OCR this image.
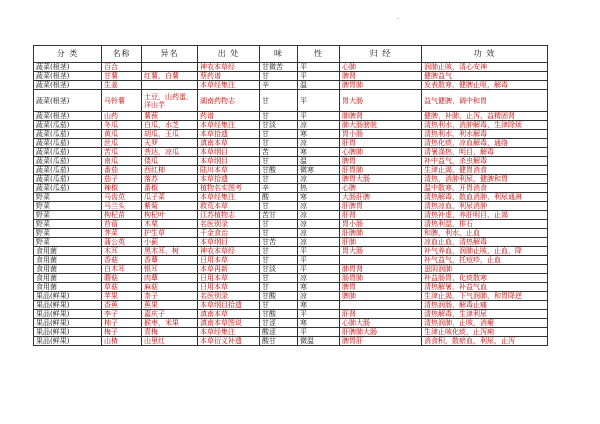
·
分 类	名称	异名	出 处	味	性	归 经	功 效
蔬菜(根茎)	百合		神农本草经	甘微苦	平	心肺	润肺止咳，清心安神
蔬菜(根茎)	甘薯	红薯，白薯	蔡药谱	甘	平	脾肾	健脾益气
蔬菜(根茎)	生姜		本草经集注	辛	温	脾胃肺	发表散寒，健脾止呕，解毒
蔬菜(根茎)	马铃薯	土豆，山药蛋，洋山芋	湖南药物志	甘	平	胃大肠	益气健脾，调中和胃
蔬菜(根茎)	山药	薯蓣	药谱	甘	平	肺脾肾	健脾，补肺，止泻，益精固肾
蔬菜(瓜茄)	冬瓜	白瓜，水芝	本草经集注	甘淡	凉	肺大肠膀胱	清热利水，消肿解毒，生津除烦
蔬菜(瓜茄)	黄瓜	胡瓜，王瓜	本草拾遗	甘	寒	胃小肠	清热利水，利水解毒
蔬菜(瓜茄)	丝瓜	天罗	滇南本草	甘	凉	肝胃	清热化痰，凉血解毒，通络
蔬菜(瓜茄)	苦瓜	菩达，凉瓜	本草纲目	苦	寒	心脾肺	清暑涤热，明目，解毒
蔬菜(瓜茄)	南瓜	倭瓜	本草纲目	甘	温	脾胃	补中益气，杀虫解毒
蔬菜(瓜茄)	番茄	西红柿	陆川本草	甘酸	微寒	肝胃肺	生津止渴，健胃消食
蔬菜(瓜茄)	茄子	落苏	本草拾遗	甘	凉	脾胃大肠	清热，消肿利尿，健脾和胃
蔬菜(瓜茄)	辣椒	番椒	植物名实图考	辛	热	心脾	温中散寒，开胃消食
野菜	马齿苋	瓜子菜	本草经集注	酸	寒	大肠肝脾	清热解毒，散血消肿，利尿通淋
野菜	马兰头	紫菊	救荒本草	甘	凉	肝脾胃	清热凉血，利尿消肿
野菜	枸杞苗	枸杞叶	江苏植物志	苦甘	凉	肝肾	清热补虚，养肝明目，止渴
野菜	苜蓿	木栗	名医别录	甘	凉	胃小肠	清热利湿，排石
野菜	荠菜	护生草	千金食治	甘	凉	肝脾肺	和脾，利水，止血
野菜	蒲公英	小蓟	本草纲目	甘苦	凉	肝肺	凉血止血，清热解毒
食用菌	木耳	黑木耳，树	神农本草经	甘	平	胃大肠	补气养血，润肺止咳，止血，降
食用菌	香菇	香蕈	日用本草	甘	平		补气益气，托痘疹，止血
食用菌	白木耳	银耳	本草再新	甘淡	平	肺胃肾	滋阴润肺
食用菌	蘑菇	肉蕈	日用本草	甘	凉	肠胃肺	补益肠胃，化痰散寒
食用菌	草菇	麻菇	日用本草	甘	寒	脾胃	清热解暑，补益气血
果品(鲜果)	苹果	柰子	名医别录	甘酸	凉	脾肺	生津止渴，下气润肺，和胃降逆
果品(鲜果)	香蕉	蕉果	本草纲目拾遗	甘	寒		清热润肠，解毒止痛
果品(鲜果)	李子	嘉庆子	滇南本草	甘酸	平	肝肾	清热解毒，生津利尿
果品(鲜果)	柿子	猴枣，米果	滇南本草图说	甘涩	寒	心肺大肠	清热润肺，止咳，消瘿
果品(鲜果)	梅子	青梅	本草经集注	酸涩	平	肝脾肺大肠	生津止咳化痰，止泻痢
果品(鲜果)	山楂	山里红	本草衍义补遗	酸甘	微温	脾胃肝	消食积，散瘀血，利尿，止泻
